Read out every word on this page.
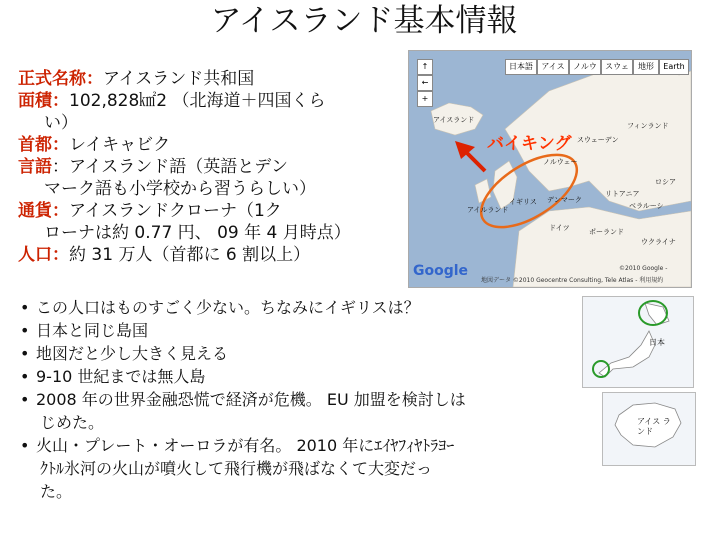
アイスランド基本情報

正式名称：アイスランド共和国

面積：102,828㎢2 （北海道＋四国くら
い）

首都：レイキャビク

言語：アイスランド語（英語とデン
マーク語も小学校から習うらしい）

通貨：アイスランドクローナ（1ク
ローナは約 0.77 円、 09 年 4 月時点）

人口：約 31 万人（首都に 6 割以上）

• この人口はものすごく少ない。ちなみにイギリスは？

• 日本と同じ島国

• 地図だと少し大きく見える

• 9-10 世紀までは無人島

• 2008 年の世界金融恐慌で経済が危機。 EU 加盟を検討しは
じめた。

• 火山・プレート・オーロラが有名。 2010 年にｴｲﾔﾌｨﾔﾄﾗﾖｰ
ｸﾄﾙ氷河の火山が噴火して飛行機が飛ばなくて大変だっ
た。

↑
←
+
日本語	アイス	ノルウ	スウェ	地形	Earth
バイキング
アイスランド
ノルウェー
スウェーデン
フィンランド
イギリス
アイルランド
デンマーク
ドイツ	ポーランド
ベラルーシ
ウクライナ
ロシア
リトアニア
Google	©2010 Google -
地図データ ©2010 Geocentre Consulting, Tele Atlas - 利用規約
日本
アイス ランド
